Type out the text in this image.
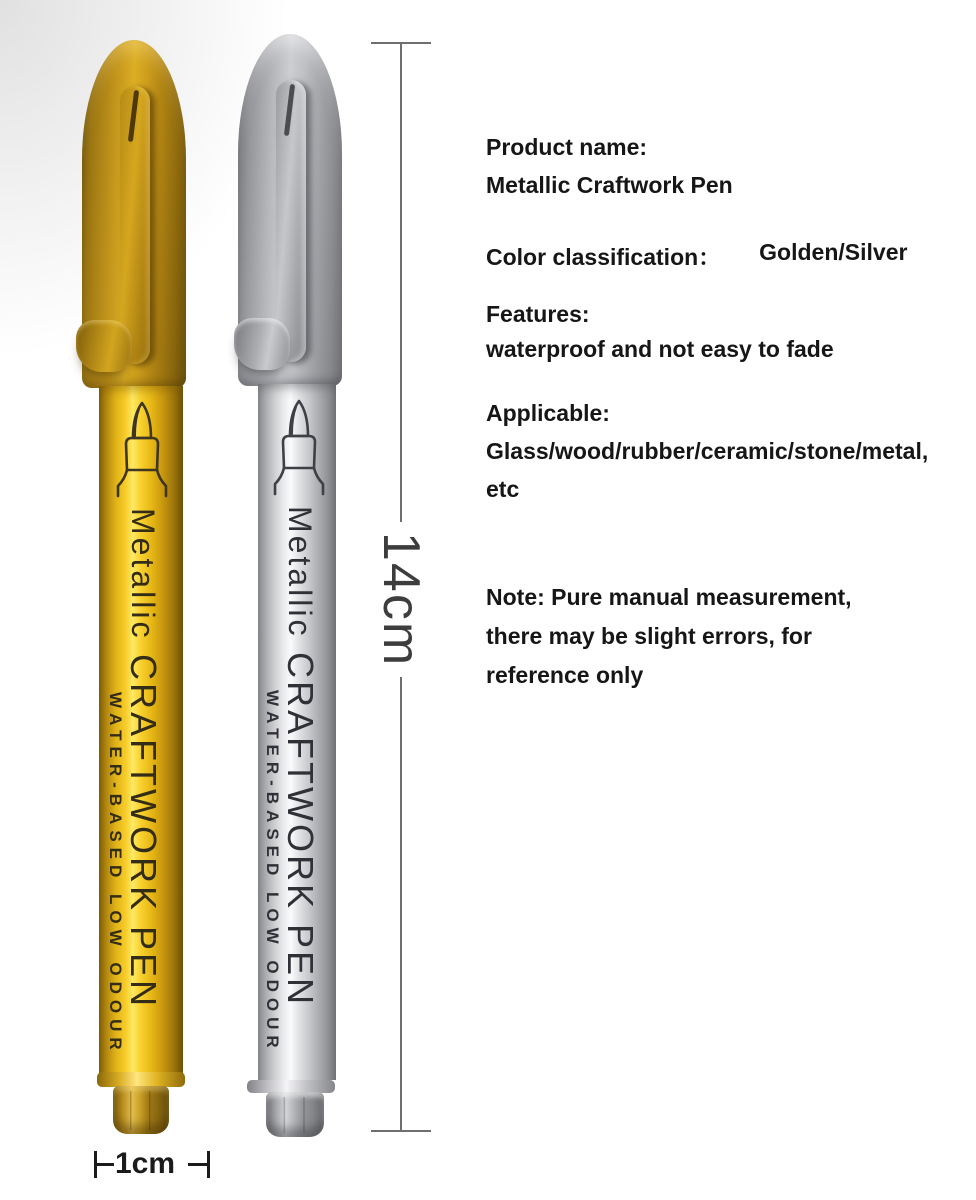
MetallicCRAFTWORK PEN
WATER-BASED LOW ODOUR
MetallicCRAFTWORK PEN
WATER-BASED LOW ODOUR
14cm
1cm
Product name:
Metallic Craftwork Pen
Color classification： Golden/Silver
Features:
waterproof and not easy to fade
Applicable:
Glass/wood/rubber/ceramic/stone/metal,
etc
Note: Pure manual measurement,
there may be slight errors, for
reference only
